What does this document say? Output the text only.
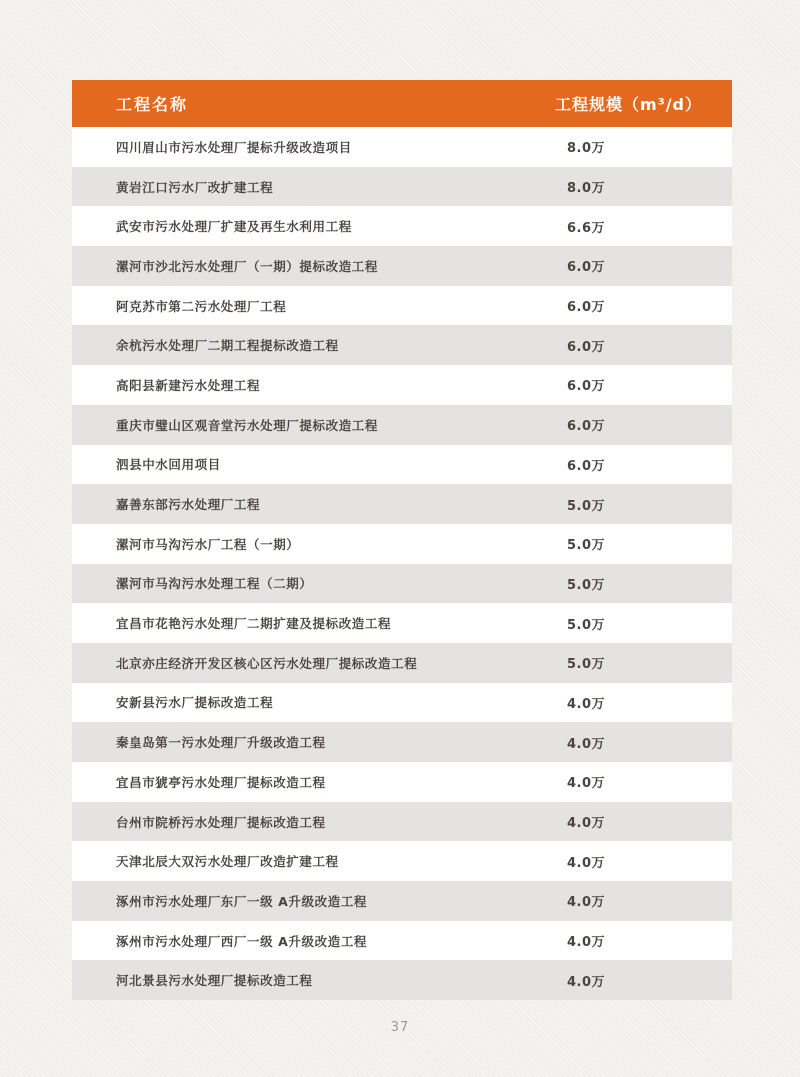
工程名称	工程规模（m³/d）
四川眉山市污水处理厂提标升级改造项目	8.0万
黄岩江口污水厂改扩建工程	8.0万
武安市污水处理厂扩建及再生水利用工程	6.6万
漯河市沙北污水处理厂（一期）提标改造工程	6.0万
阿克苏市第二污水处理厂工程	6.0万
余杭污水处理厂二期工程提标改造工程	6.0万
高阳县新建污水处理工程	6.0万
重庆市璧山区观音堂污水处理厂提标改造工程	6.0万
泗县中水回用项目	6.0万
嘉善东部污水处理厂工程	5.0万
漯河市马沟污水厂工程（一期）	5.0万
漯河市马沟污水处理工程（二期）	5.0万
宜昌市花艳污水处理厂二期扩建及提标改造工程	5.0万
北京亦庄经济开发区核心区污水处理厂提标改造工程	5.0万
安新县污水厂提标改造工程	4.0万
秦皇岛第一污水处理厂升级改造工程	4.0万
宜昌市猇亭污水处理厂提标改造工程	4.0万
台州市院桥污水处理厂提标改造工程	4.0万
天津北辰大双污水处理厂改造扩建工程	4.0万
涿州市污水处理厂东厂一级 A升级改造工程	4.0万
涿州市污水处理厂西厂一级 A升级改造工程	4.0万
河北景县污水处理厂提标改造工程	4.0万
37
